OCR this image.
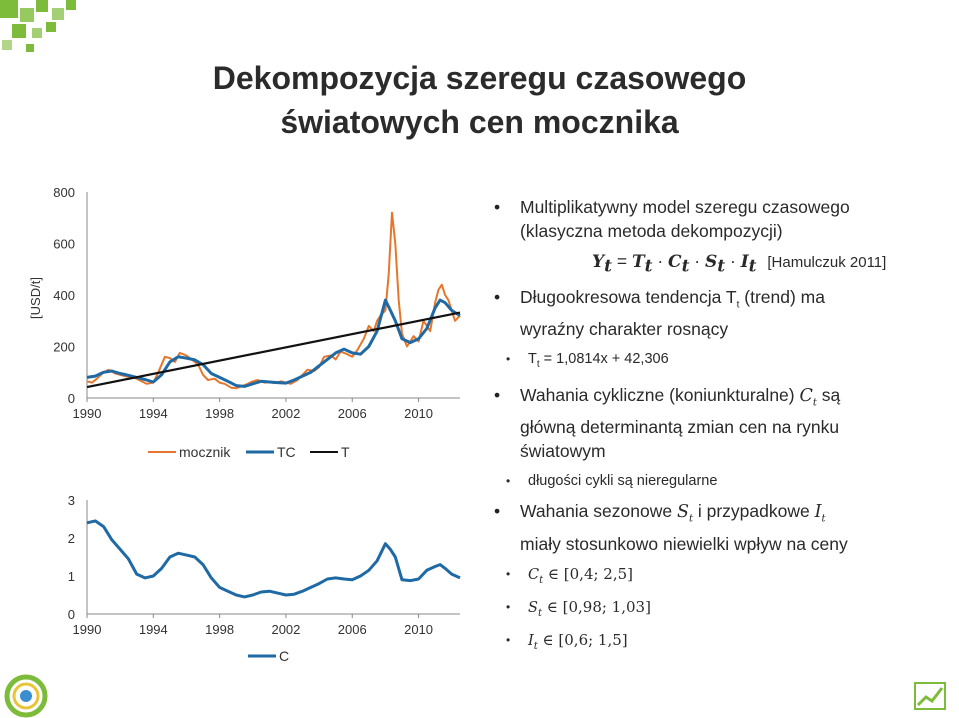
Dekompozycja szeregu czasowego
światowych cen mocznika
[USD/t]
0
200
400
600
800
1990	1994	1998	2002	2006	2010
mocznik	TC	T
0
1
2
3
1990	1994	1998	2002	2006	2010
C
• Multiplikatywny model szeregu czasowego
(klasyczna metoda dekompozycji)
$Y_t = T_t \cdot C_t \cdot S_t \cdot I_t$ [Hamulczuk 2011]
• Długookresowa tendencja $T_t$ (trend) ma
wyraźny charakter rosnący
• $T_t = 1,0814x + 42,306$
• Wahania cykliczne (koniunkturalne) $C_t$ są
główną determinantą zmian cen na rynku
światowym
• długości cykli są nieregularne
• Wahania sezonowe $S_t$ i przypadkowe $I_t$
miały stosunkowo niewielki wpływ na ceny
• $C_t$ ∈ [0,4; 2,5]
• $S_t$ ∈ [0,98; 1,03]
• $I_t$ ∈ [0,6; 1,5]
